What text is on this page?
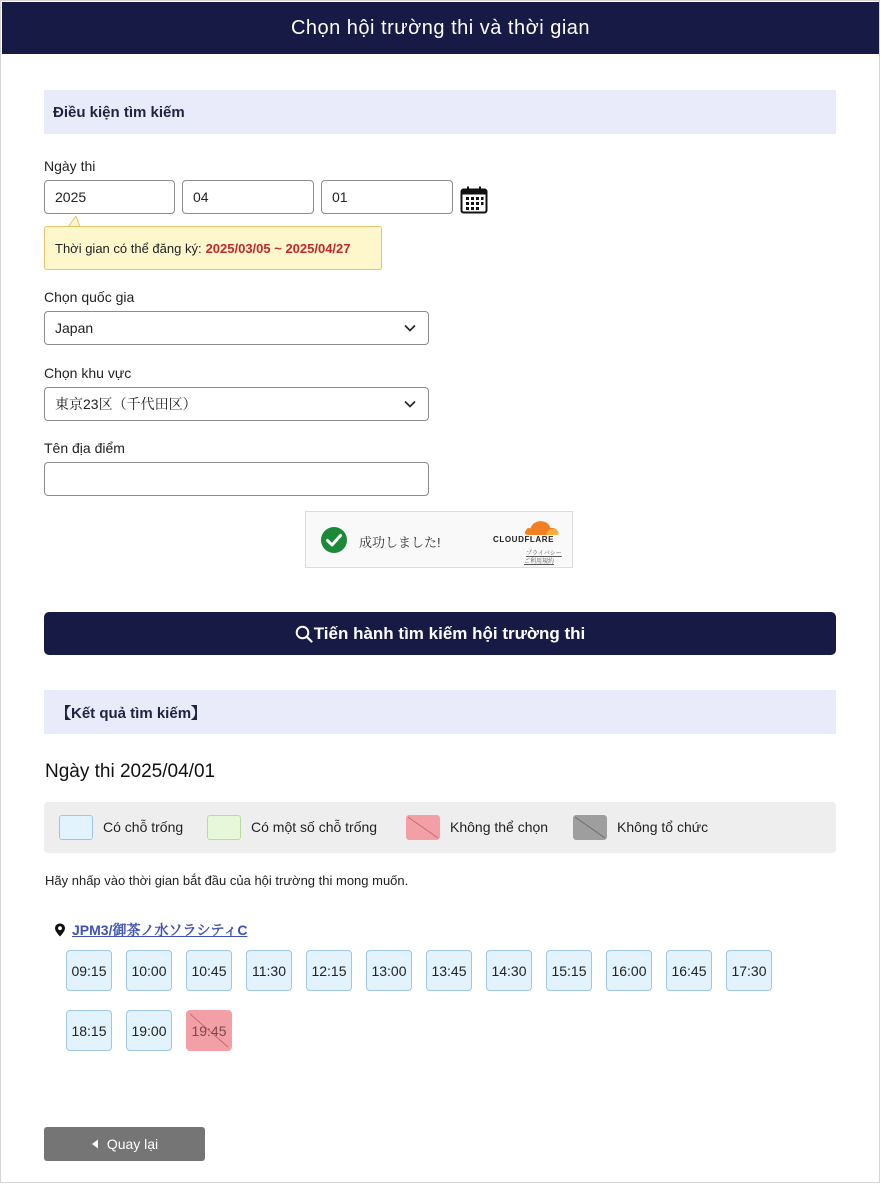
Chọn hội trường thi và thời gian
Điều kiện tìm kiếm
Ngày thi
2025	04	01
Thời gian có thể đăng ký: 2025/03/05 ~ 2025/04/27
Chọn quốc gia
Japan
Chọn khu vực
東京23区（千代田区）
Tên địa điểm
成功しました!	CLOUDFLARE
プライバシー
ご利用規約
Tiến hành tìm kiếm hội trường thi
【Kết quả tìm kiếm】
Ngày thi 2025/04/01
Có chỗ trống	Có một số chỗ trống	Không thể chọn	Không tổ chức
Hãy nhấp vào thời gian bắt đầu của hội trường thi mong muốn.
JPM3/御茶ノ水ソラシティC
09:15 10:00 10:45 11:30 12:15 13:00 13:45 14:30 15:15 16:00 16:45 17:30
18:15 19:00 19:45
Quay lại
